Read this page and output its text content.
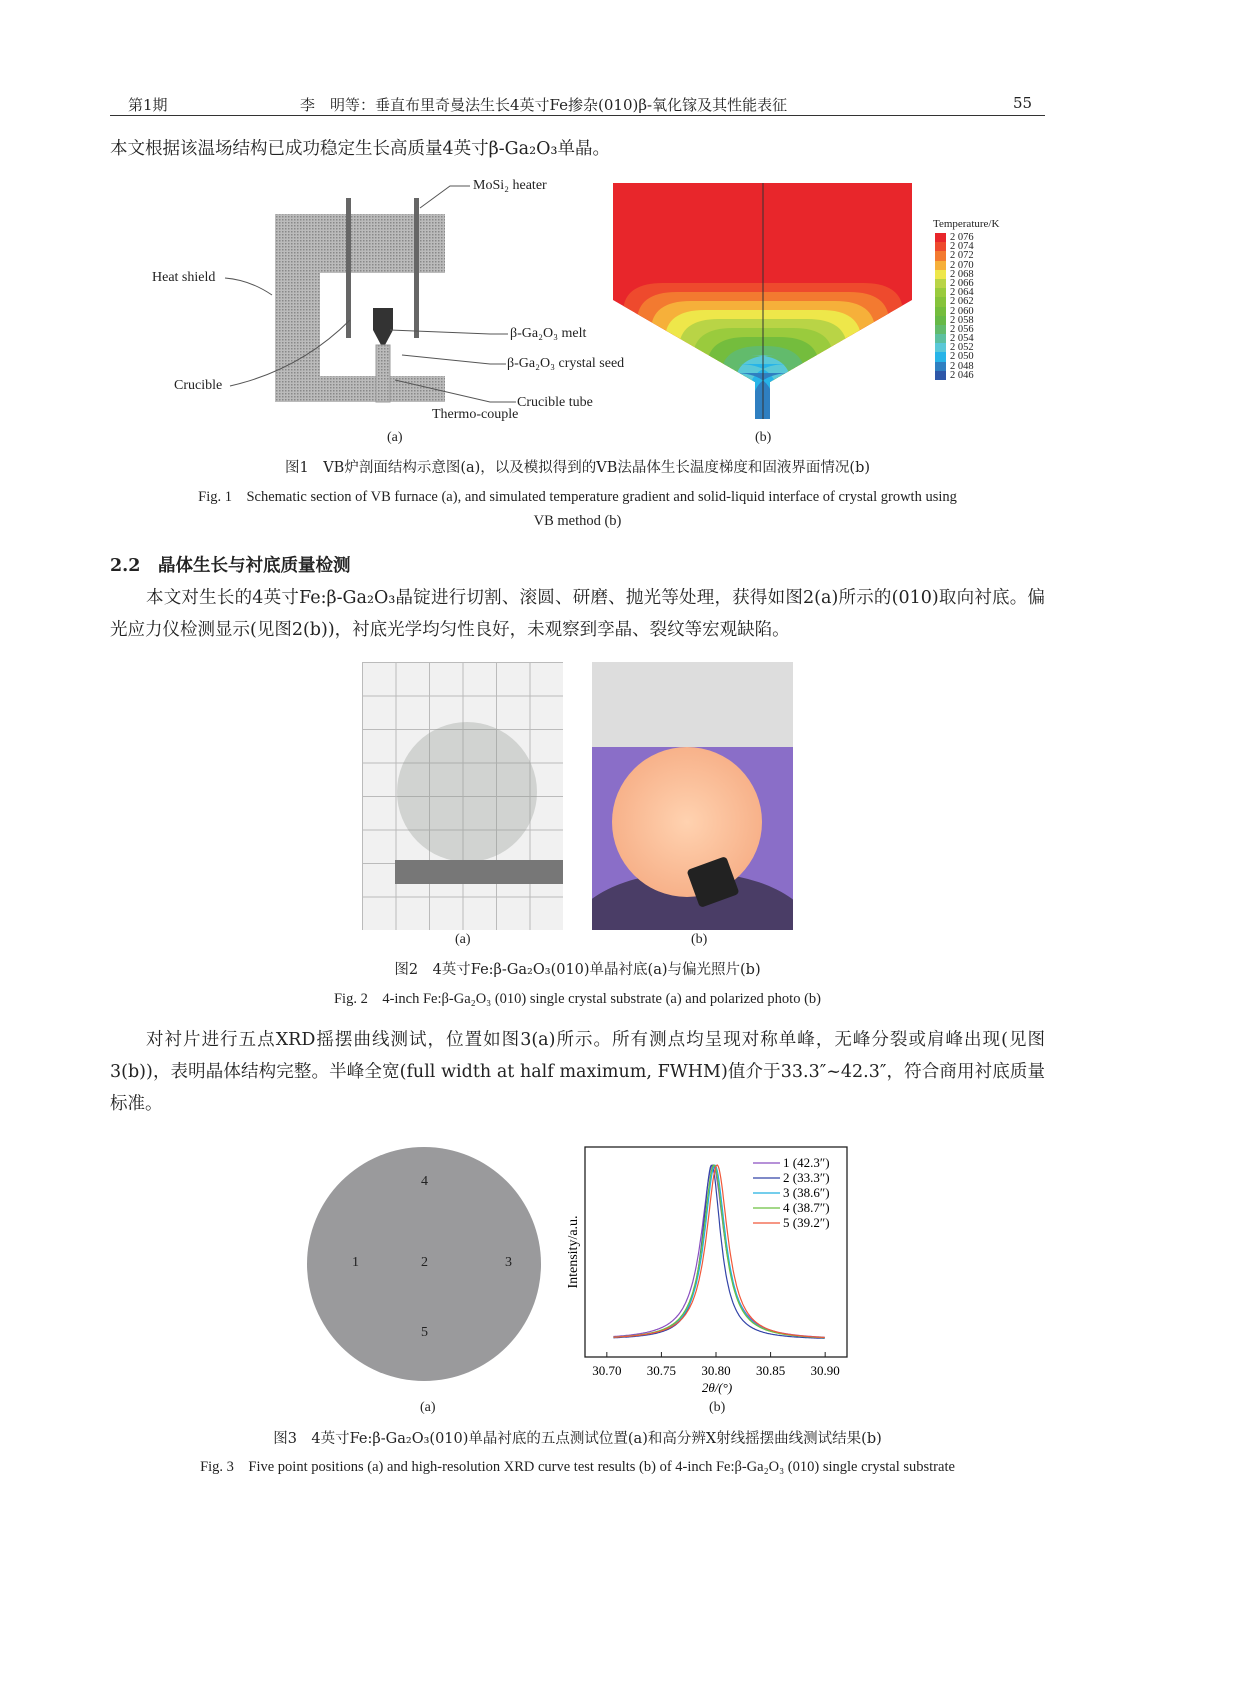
第1期	李　明等：垂直布里奇曼法生长4英寸Fe掺杂(010)β-氧化镓及其性能表征	55
本文根据该温场结构已成功稳定生长高质量4英寸β-Ga₂O₃单晶。
MoSi₂ heater
Heat shield
Crucible
β-Ga₂O₃ melt
β-Ga₂O₃ crystal seed
Crucible tube
Thermo-couple
Temperature/K
2 076
2 074
2 072
2 070
2 068
2 066
2 064
2 062
2 060
2 058
2 056
2 054
2 052
2 050
2 048
2 046
(a)	(b)
图1　VB炉剖面结构示意图(a)，以及模拟得到的VB法晶体生长温度梯度和固液界面情况(b)
Fig. 1　Schematic section of VB furnace (a), and simulated temperature gradient and solid-liquid interface of crystal growth using
VB method (b)
2.2　 晶体生长与衬底质量检测
本文对生长的4英寸Fe:β-Ga₂O₃晶锭进行切割、滚圆、研磨、抛光等处理，获得如图2(a)所示的(010)取向衬底。偏光应力仪检测显示(见图2(b))，衬底光学均匀性良好，未观察到孪晶、裂纹等宏观缺陷。
(a)	(b)
图2　4英寸Fe:β-Ga₂O₃(010)单晶衬底(a)与偏光照片(b)
Fig. 2　4-inch Fe:β-Ga₂O₃ (010) single crystal substrate (a) and polarized photo (b)
对衬片进行五点XRD摇摆曲线测试，位置如图3(a)所示。所有测点均呈现对称单峰，无峰分裂或肩峰出现(见图3(b))，表明晶体结构完整。半峰全宽(full width at half maximum, FWHM)值介于33.3″~42.3″，符合商用衬底质量标准。
4
1	2	3
5
(a)
30.70 30.75 30.80 30.85 30.90
1 (42.3″)
2 (33.3″)
3 (38.6″)
4 (38.7″)
5 (39.2″)
Intensity/a.u.
2θ/(°)
(b)
图3　4英寸Fe:β-Ga₂O₃(010)单晶衬底的五点测试位置(a)和高分辨X射线摇摆曲线测试结果(b)
Fig. 3　Five point positions (a) and high-resolution XRD curve test results (b) of 4-inch Fe:β-Ga₂O₃ (010) single crystal substrate
